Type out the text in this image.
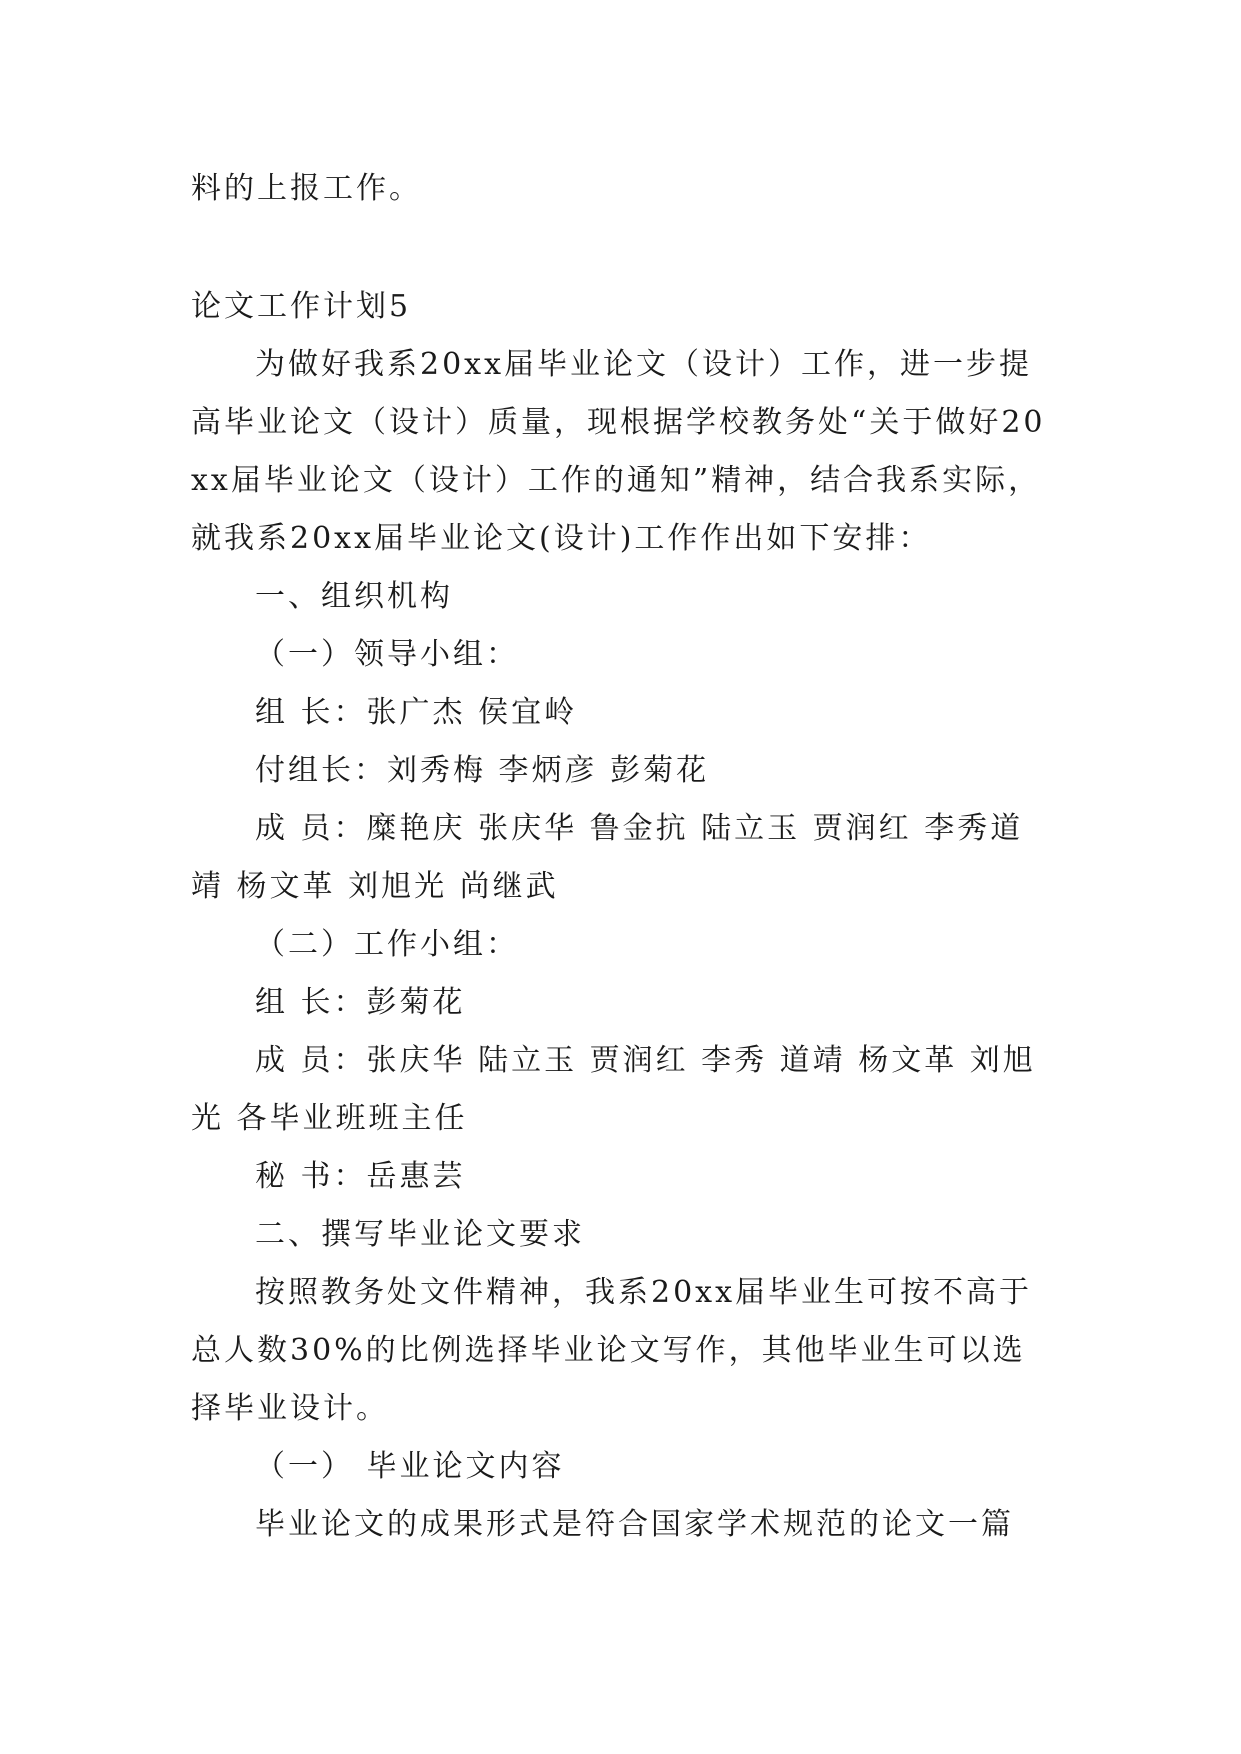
料的上报工作。

论文工作计划5

为做好我系20xx届毕业论文（设计）工作，进一步提高毕业论文（设计）质量，现根据学校教务处“关于做好20xx届毕业论文（设计）工作的通知”精神，结合我系实际，就我系20xx届毕业论文(设计)工作作出如下安排：

一、组织机构

（一）领导小组：

组 长：张广杰 侯宜岭

付组长：刘秀梅 李炳彦 彭菊花

成 员：糜艳庆 张庆华 鲁金抗 陆立玉 贾润红 李秀道靖 杨文革 刘旭光 尚继武

（二）工作小组：

组 长：彭菊花

成 员：张庆华 陆立玉 贾润红 李秀 道靖 杨文革 刘旭光 各毕业班班主任

秘 书：岳惠芸

二、撰写毕业论文要求

按照教务处文件精神，我系20xx届毕业生可按不高于总人数30%的比例选择毕业论文写作，其他毕业生可以选择毕业设计。

（一） 毕业论文内容

毕业论文的成果形式是符合国家学术规范的论文一篇
